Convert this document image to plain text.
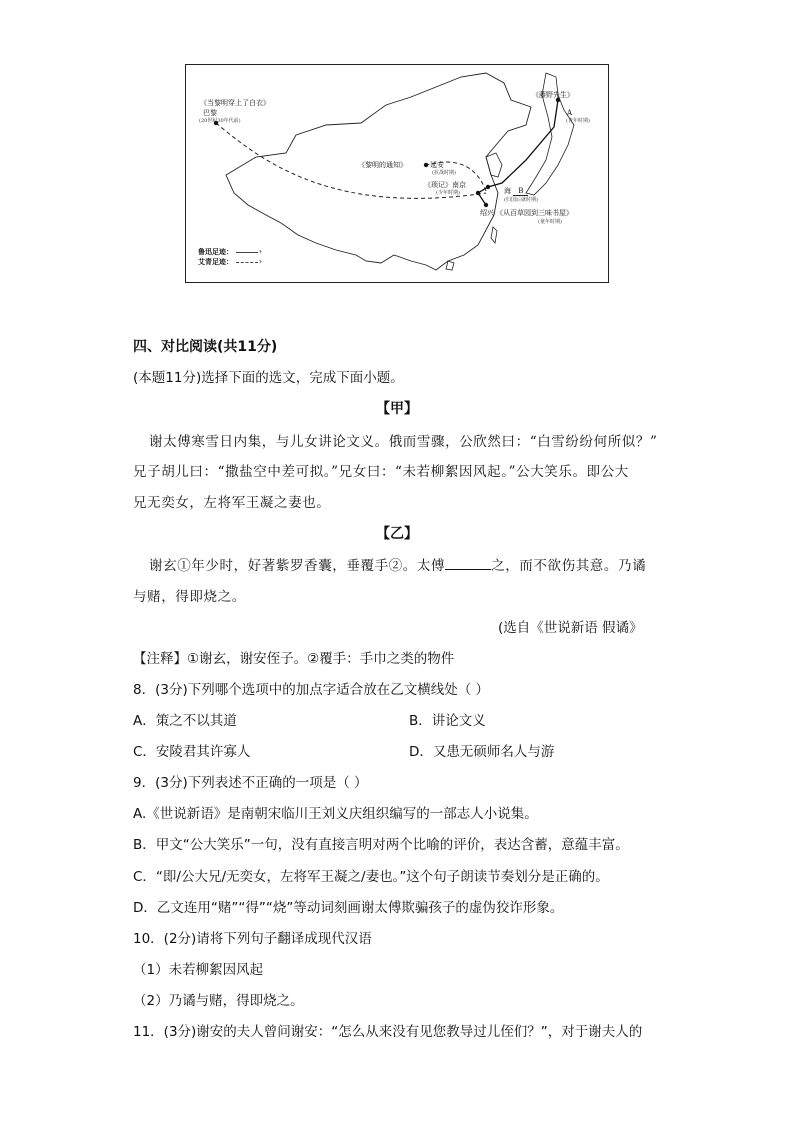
《当黎明穿上了白衣》
巴黎
(20世纪30年代前)
《藤野先生》
A
(青年时期)
《黎明的通知》	延安
(抗战时期)
《琐记》南京
(少年时期)	海 B
(归国后就时期)
绍兴 《从百草园到三味书屋》
(童年时期)
鲁迅足迹：
›
艾青足迹：
›
四、对比阅读(共11分)
(本题11分)选择下面的选文，完成下面小题。
【甲】
谢太傅寒雪日内集，与儿女讲论文义。俄而雪骤，公欣然曰：“白雪纷纷何所似？”
兄子胡儿曰：“撒盐空中差可拟。”兄女曰：“未若柳絮因风起。”公大笑乐。即公大
兄无奕女，左将军王凝之妻也。
【乙】
谢玄①年少时，好著紫罗香囊，垂覆手②。太傅	之，而不欲伤其意。乃谲
与赌，得即烧之。
(选自《世说新语 假谲》
【注释】①谢玄，谢安侄子。②覆手：手巾之类的物件
8．(3分)下列哪个选项中的加点字适合放在乙文横线处（ ）
A．策之不以其道	B．讲论文义
C．安陵君其许寡人	D．又患无硕师名人与游
9．(3分)下列表述不正确的一项是（ ）
A.《世说新语》是南朝宋临川王刘义庆组织编写的一部志人小说集。
B．甲文“公大笑乐”一句，没有直接言明对两个比喻的评价，表达含蓄，意蕴丰富。
C．“即/公大兄/无奕女，左将军王凝之/妻也。”这个句子朗读节奏划分是正确的。
D．乙文连用“赌”“得”“烧”等动词刻画谢太傅欺骗孩子的虚伪狡诈形象。
10．(2分)请将下列句子翻译成现代汉语
（1）未若柳絮因风起
（2）乃谲与赌，得即烧之。
11．(3分)谢安的夫人曾问谢安：“怎么从来没有见您教导过儿侄们？”，对于谢夫人的
